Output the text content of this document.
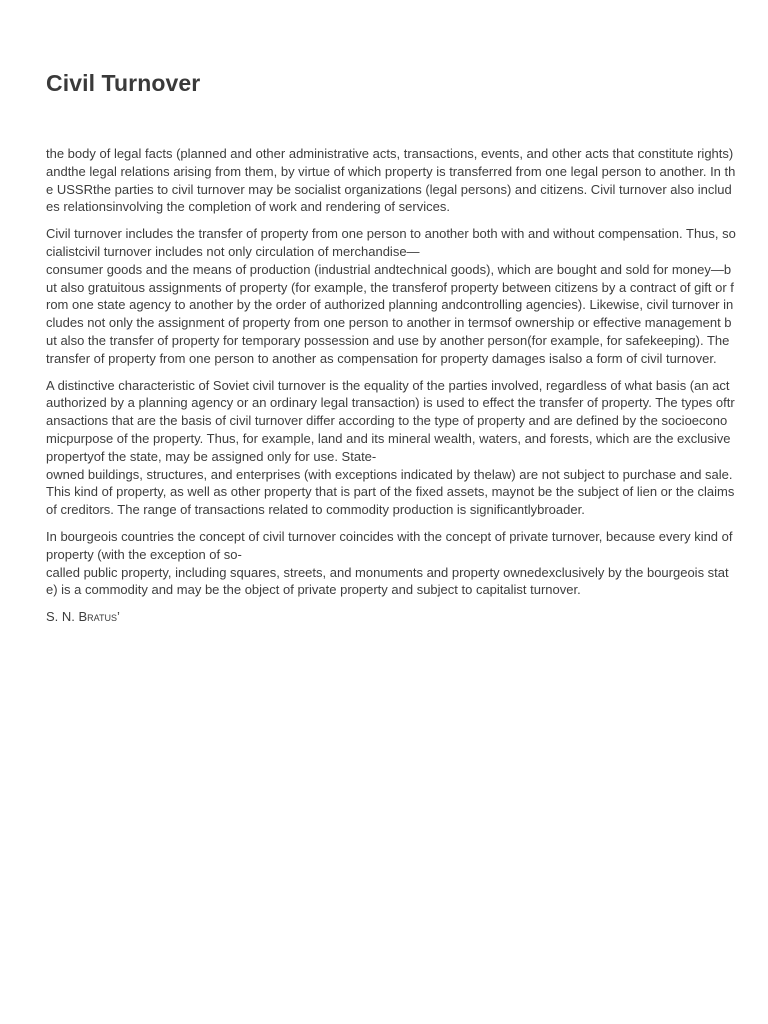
Civil Turnover

the body of legal facts (planned and other administrative acts, transactions, events, and other acts that constitute rights) andthe legal relations arising from them, by virtue of which property is transferred from one legal person to another. In the USSRthe parties to civil turnover may be socialist organizations (legal persons) and citizens. Civil turnover also includes relationsinvolving the completion of work and rendering of services.

Civil turnover includes the transfer of property from one person to another both with and without compensation. Thus, socialistcivil turnover includes not only circulation of merchandise—
consumer goods and the means of production (industrial andtechnical goods), which are bought and sold for money—but also gratuitous assignments of property (for example, the transferof property between citizens by a contract of gift or from one state agency to another by the order of authorized planning andcontrolling agencies). Likewise, civil turnover includes not only the assignment of property from one person to another in termsof ownership or effective management but also the transfer of property for temporary possession and use by another person(for example, for safekeeping). The transfer of property from one person to another as compensation for property damages isalso a form of civil turnover.

A distinctive characteristic of Soviet civil turnover is the equality of the parties involved, regardless of what basis (an actauthorized by a planning agency or an ordinary legal transaction) is used to effect the transfer of property. The types oftransactions that are the basis of civil turnover differ according to the type of property and are defined by the socioeconomicpurpose of the property. Thus, for example, land and its mineral wealth, waters, and forests, which are the exclusive propertyof the state, may be assigned only for use. State-
owned buildings, structures, and enterprises (with exceptions indicated by thelaw) are not subject to purchase and sale. This kind of property, as well as other property that is part of the fixed assets, maynot be the subject of lien or the claims of creditors. The range of transactions related to commodity production is significantlybroader.

In bourgeois countries the concept of civil turnover coincides with the concept of private turnover, because every kind of property (with the exception of so-
called public property, including squares, streets, and monuments and property ownedexclusively by the bourgeois state) is a commodity and may be the object of private property and subject to capitalist turnover.

S. N. Bratus’
